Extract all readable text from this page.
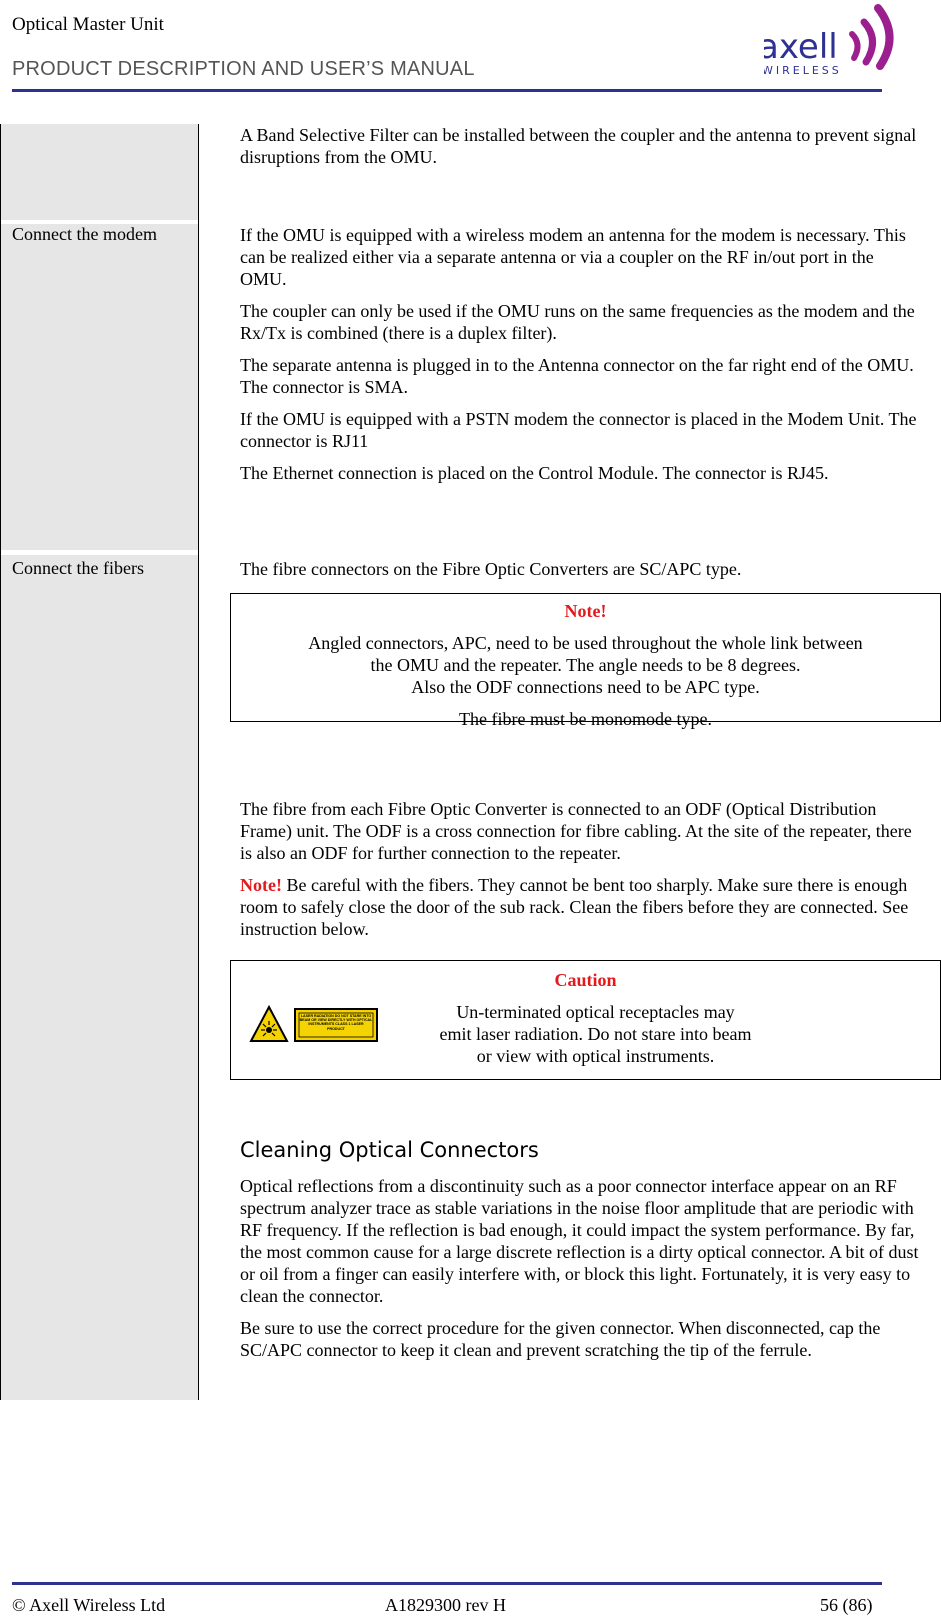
Optical Master Unit
PRODUCT DESCRIPTION AND USER’S MANUAL
axell
WIRELESS
A Band Selective Filter can be installed between the coupler and the antenna to prevent signal disruptions from the OMU.
Connect the modem	If the OMU is equipped with a wireless modem an antenna for the modem is necessary. This can be realized either via a separate antenna or via a coupler on the RF in/out port in the OMU.

The coupler can only be used if the OMU runs on the same frequencies as the modem and the Rx/Tx is combined (there is a duplex filter).

The separate antenna is plugged in to the Antenna connector on the far right end of the OMU. The connector is SMA.

If the OMU is equipped with a PSTN modem the connector is placed in the Modem Unit. The connector is RJ11

The Ethernet connection is placed on the Control Module. The connector is RJ45.

Connect the fibers	The fibre connectors on the Fibre Optic Converters are SC/APC type.
Note!
Angled connectors, APC, need to be used throughout the whole link between
the OMU and the repeater. The angle needs to be 8 degrees.
Also the ODF connections need to be APC type.
The fibre must be monomode type.

The fibre from each Fibre Optic Converter is connected to an ODF (Optical Distribution Frame) unit. The ODF is a cross connection for fibre cabling. At the site of the repeater, there is also an ODF for further connection to the repeater.

Note! Be careful with the fibers. They cannot be bent too sharply. Make sure there is enough room to safely close the door of the sub rack. Clean the fibers before they are connected. See instruction below.

Caution
LASER RADIATION DO NOT STARE INTO BEAM OR VIEW DIRECTLY WITH OPTICAL INSTRUMENTS CLASS 1 LASER PRODUCT
Un-terminated optical receptacles may
emit laser radiation. Do not stare into beam
or view with optical instruments.
Cleaning Optical Connectors

Optical reflections from a discontinuity such as a poor connector interface appear on an RF spectrum analyzer trace as stable variations in the noise floor amplitude that are periodic with RF frequency. If the reflection is bad enough, it could impact the system performance. By far, the most common cause for a large discrete reflection is a dirty optical connector. A bit of dust or oil from a finger can easily interfere with, or block this light. Fortunately, it is very easy to clean the connector.

Be sure to use the correct procedure for the given connector. When disconnected, cap the SC/APC connector to keep it clean and prevent scratching the tip of the ferrule.

© Axell Wireless Ltd	A1829300 rev H	56 (86)
